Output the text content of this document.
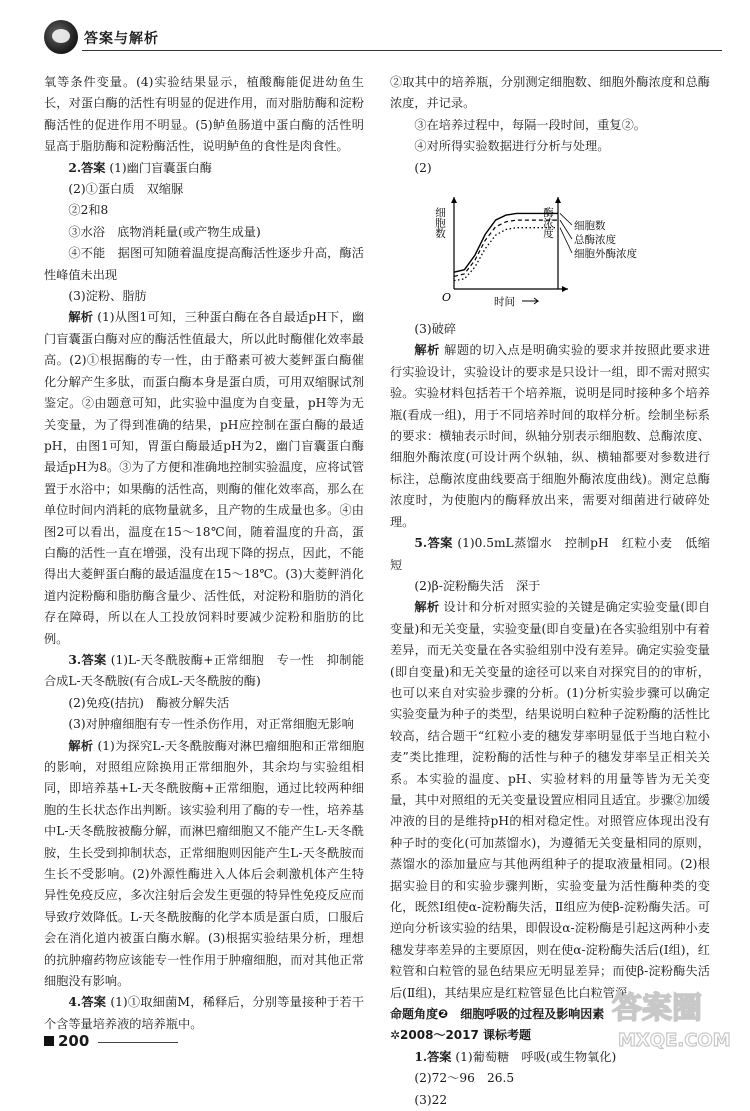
答案与解析

氧等条件变量。(4)实验结果显示，植酸酶能促进幼鱼生长，对蛋白酶的活性有明显的促进作用，而对脂肪酶和淀粉酶活性的促进作用不明显。(5)鲈鱼肠道中蛋白酶的活性明显高于脂肪酶和淀粉酶活性，说明鲈鱼的食性是肉食性。

2.答案 (1)幽门盲囊蛋白酶

(2)①蛋白质　双缩脲

②2和8

③水浴　底物消耗量(或产物生成量)

④不能　据图可知随着温度提高酶活性逐步升高，酶活性峰值未出现

(3)淀粉、脂肪

解析 (1)从图1可知，三种蛋白酶在各自最适pH下，幽门盲囊蛋白酶对应的酶活性值最大，所以此时酶催化效率最高。(2)①根据酶的专一性，由于酪素可被大菱鲆蛋白酶催化分解产生多肽，而蛋白酶本身是蛋白质，可用双缩脲试剂鉴定。②由题意可知，此实验中温度为自变量，pH等为无关变量，为了得到准确的结果，pH应控制在蛋白酶的最适pH，由图1可知，胃蛋白酶最适pH为2，幽门盲囊蛋白酶最适pH为8。③为了方便和准确地控制实验温度，应将试管置于水浴中；如果酶的活性高，则酶的催化效率高，那么在单位时间内消耗的底物量就多，且产物的生成量也多。④由图2可以看出，温度在15～18℃间，随着温度的升高，蛋白酶的活性一直在增强，没有出现下降的拐点，因此，不能得出大菱鲆蛋白酶的最适温度在15～18℃。(3)大菱鲆消化道内淀粉酶和脂肪酶含量少、活性低，对淀粉和脂肪的消化存在障碍，所以在人工投放饲料时要减少淀粉和脂肪的比例。

3.答案 (1)L-天冬酰胺酶+正常细胞　专一性　抑制能合成L-天冬酰胺(有合成L-天冬酰胺的酶)

(2)免疫(拮抗)　酶被分解失活

(3)对肿瘤细胞有专一性杀伤作用，对正常细胞无影响

解析 (1)为探究L-天冬酰胺酶对淋巴瘤细胞和正常细胞的影响，对照组应除换用正常细胞外，其余均与实验组相同，即培养基+L-天冬酰胺酶+正常细胞，通过比较两种细胞的生长状态作出判断。该实验利用了酶的专一性，培养基中L-天冬酰胺被酶分解，而淋巴瘤细胞又不能产生L-天冬酰胺，生长受到抑制状态，正常细胞则因能产生L-天冬酰胺而生长不受影响。(2)外源性酶进入人体后会刺激机体产生特异性免疫反应，多次注射后会发生更强的特异性免疫反应而导致疗效降低。L-天冬酰胺酶的化学本质是蛋白质，口服后会在消化道内被蛋白酶水解。(3)根据实验结果分析，理想的抗肿瘤药物应该能专一性作用于肿瘤细胞，而对其他正常细胞没有影响。

4.答案 (1)①取細菌M，稀释后，分别等量接种于若干个含等量培养液的培养瓶中。

②取其中的培养瓶，分别测定细胞数、细胞外酶浓度和总酶浓度，并记录。

③在培养过程中，每隔一段时间，重复②。

④对所得实验数据进行分析与处理。

(2)

细胞数
总酶浓度
细胞外酶浓度
细胞数	酶浓度
时间
O

(3)破碎

解析 解题的切入点是明确实验的要求并按照此要求进行实验设计，实验设计的要求是只设计一组，即不需对照实验。实验材料包括若干个培养瓶，说明是同时接种多个培养瓶(看成一组)，用于不同培养时间的取样分析。绘制坐标系的要求：横轴表示时间，纵轴分别表示细胞数、总酶浓度、细胞外酶浓度(可设计两个纵轴，纵、横轴都要对参数进行标注，总酶浓度曲线要高于细胞外酶浓度曲线)。测定总酶浓度时，为使胞内的酶释放出来，需要对细菌进行破碎处理。

5.答案 (1)0.5mL蒸馏水　控制pH　红粒小麦　低缩短

(2)β-淀粉酶失活　深于

解析 设计和分析对照实验的关键是确定实验变量(即自变量)和无关变量，实验变量(即自变量)在各实验组别中有着差异，而无关变量在各实验组别中没有差异。确定实验变量(即自变量)和无关变量的途径可以来自对探究目的的审析，也可以来自对实验步骤的分析。(1)分析实验步骤可以确定实验变量为种子的类型，结果说明白粒种子淀粉酶的活性比较高，结合题干“红粒小麦的穗发芽率明显低于当地白粒小麦”类比推理，淀粉酶的活性与种子的穗发芽率呈正相关关系。本实验的温度、pH、实验材料的用量等皆为无关变量，其中对照组的无关变量设置应相同且适宜。步骤②加缓冲液的目的是维持pH的相对稳定性。对照管应体现出没有种子时的变化(可加蒸馏水)，为遵循无关变量相同的原则，蒸馏水的添加量应与其他两组种子的提取液量相同。(2)根据实验目的和实验步骤判断，实验变量为活性酶种类的变化，既然Ⅰ组使α-淀粉酶失活，Ⅱ组应为使β-淀粉酶失活。可逆向分析该实验的结果，即假设α-淀粉酶是引起这两种小麦穗发芽率差异的主要原因，则在使α-淀粉酶失活后(Ⅰ组)，红粒管和白粒管的显色结果应无明显差异；而使β-淀粉酶失活后(Ⅱ组)，其结果应是红粒管显色比白粒管深。

命题角度❷　 细胞呼吸的过程及影响因素

✲2008～2017 课标考题

1.答案 (1)葡萄糖　呼吸(或生物氧化)

(2)72～96　26.5

(3)22

200
答案圈
MXQE.COM
